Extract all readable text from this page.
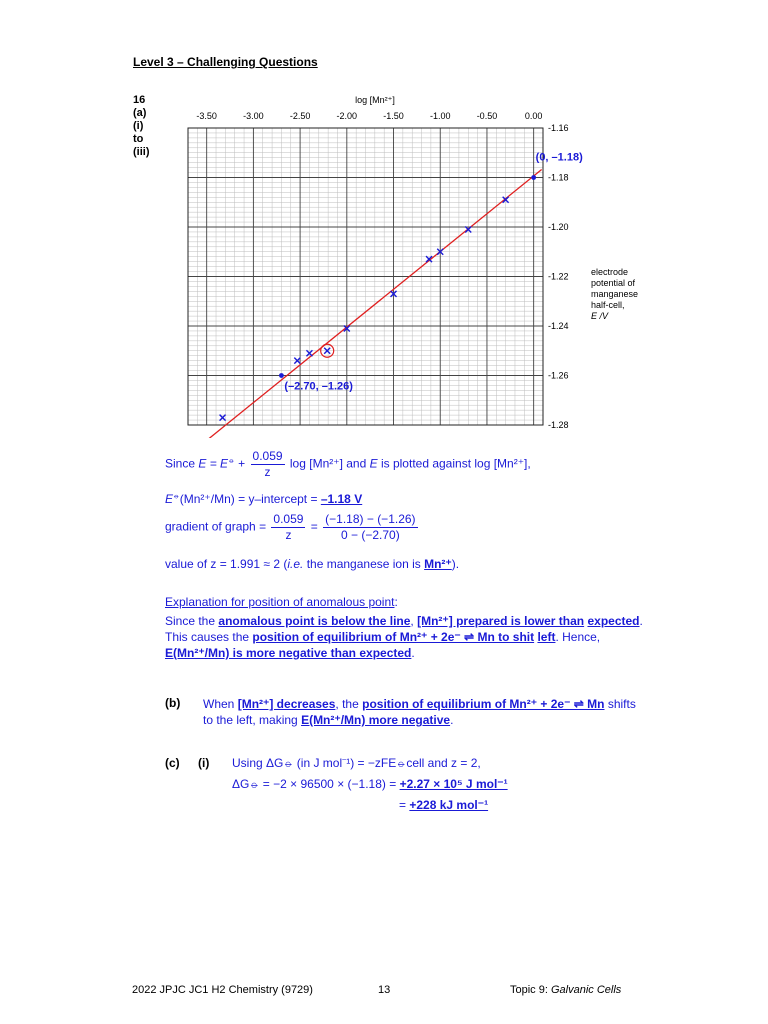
Level 3 – Challenging Questions
16
(a)
(i)
to
(iii)
-3.50	-3.00	-2.50	-2.00	-1.50	-1.00	-0.50	0.00
-1.16
-1.18
-1.20
-1.22
-1.24
-1.26
-1.28
log [Mn²⁺]
electrode
potential of
manganese
half-cell,
E /V
(0, –1.18)
(–2.70, –1.26)
Since $E = E^⦵ + \frac{0.059}{z}$ log [Mn²⁺] and E is plotted against log [Mn²⁺],
E⦵(Mn²⁺/Mn) = y–intercept = –1.18 V
gradient of graph = $\frac{0.059}{z} = \frac{(-1.18) - (-1.26)}{0 - (-2.70)}$
value of z = 1.991 ≈ 2 (i.e. the manganese ion is Mn²⁺).
Explanation for position of anomalous point:
Since the anomalous point is below the line, [Mn²⁺] prepared is lower than expected. This causes the position of equilibrium of Mn²⁺ + 2e⁻ ⇌ Mn to shit left. Hence, E(Mn²⁺/Mn) is more negative than expected.
(b) When [Mn²⁺] decreases, the position of equilibrium of Mn²⁺ + 2e⁻ ⇌ Mn shifts to the left, making E(Mn²⁺/Mn) more negative.
(c) (i) Using ΔG⦵ (in J mol⁻¹) = −zFE⦵cell and z = 2,
ΔG⦵ = −2 × 96500 × (−1.18) = +2.27 × 10⁵ J mol⁻¹
= +228 kJ mol⁻¹
2022 JPJC JC1 H2 Chemistry (9729)	13	Topic 9: Galvanic Cells
